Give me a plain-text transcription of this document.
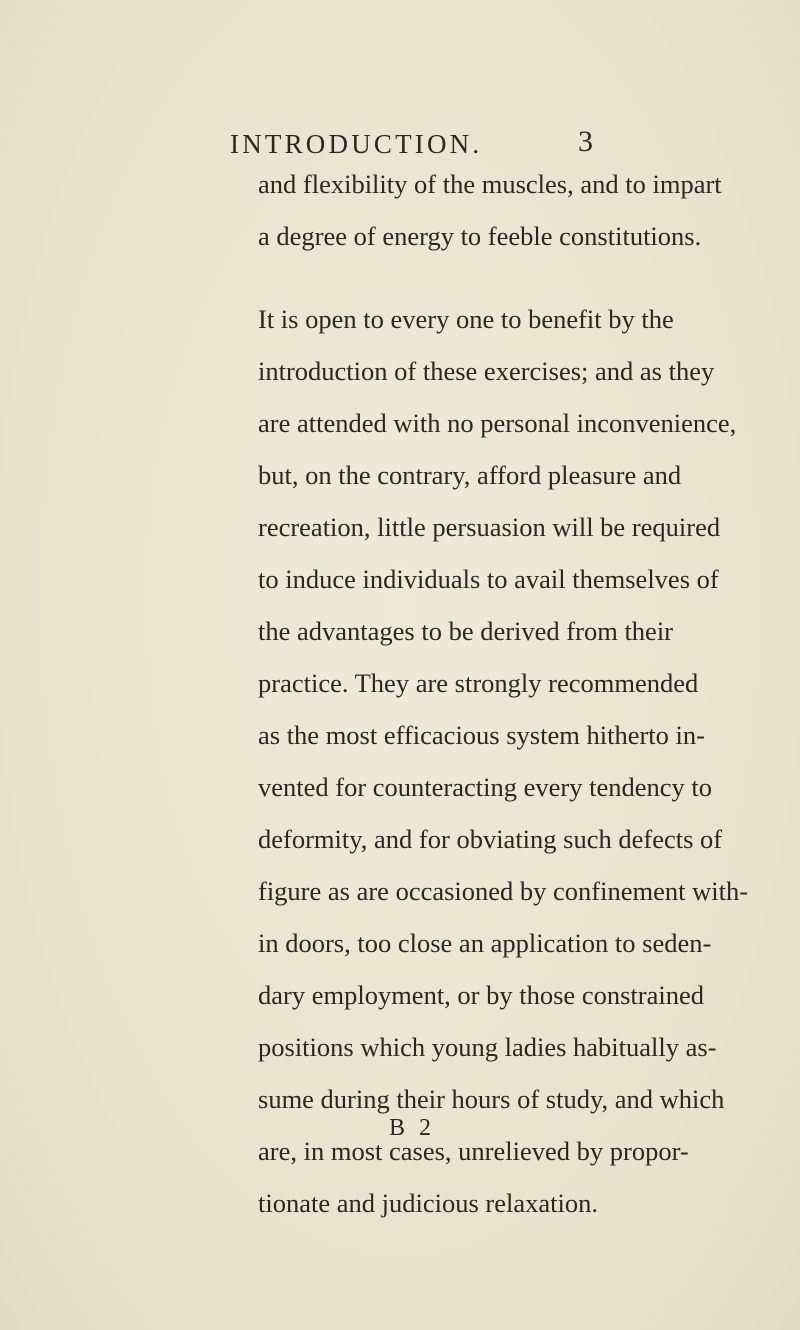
INTRODUCTION.	3

and flexibility of the muscles, and to impart
a degree of energy to feeble constitutions.

It is open to every one to benefit by the
introduction of these exercises; and as they
are attended with no personal inconvenience,
but, on the contrary, afford pleasure and
recreation, little persuasion will be required
to induce individuals to avail themselves of
the advantages to be derived from their
practice. They are strongly recommended
as the most efficacious system hitherto in-
vented for counteracting every tendency to
deformity, and for obviating such defects of
figure as are occasioned by confinement with-
in doors, too close an application to seden-
dary employment, or by those constrained
positions which young ladies habitually as-
sume during their hours of study, and which
are, in most cases, unrelieved by propor-
tionate and judicious relaxation.

B 2
